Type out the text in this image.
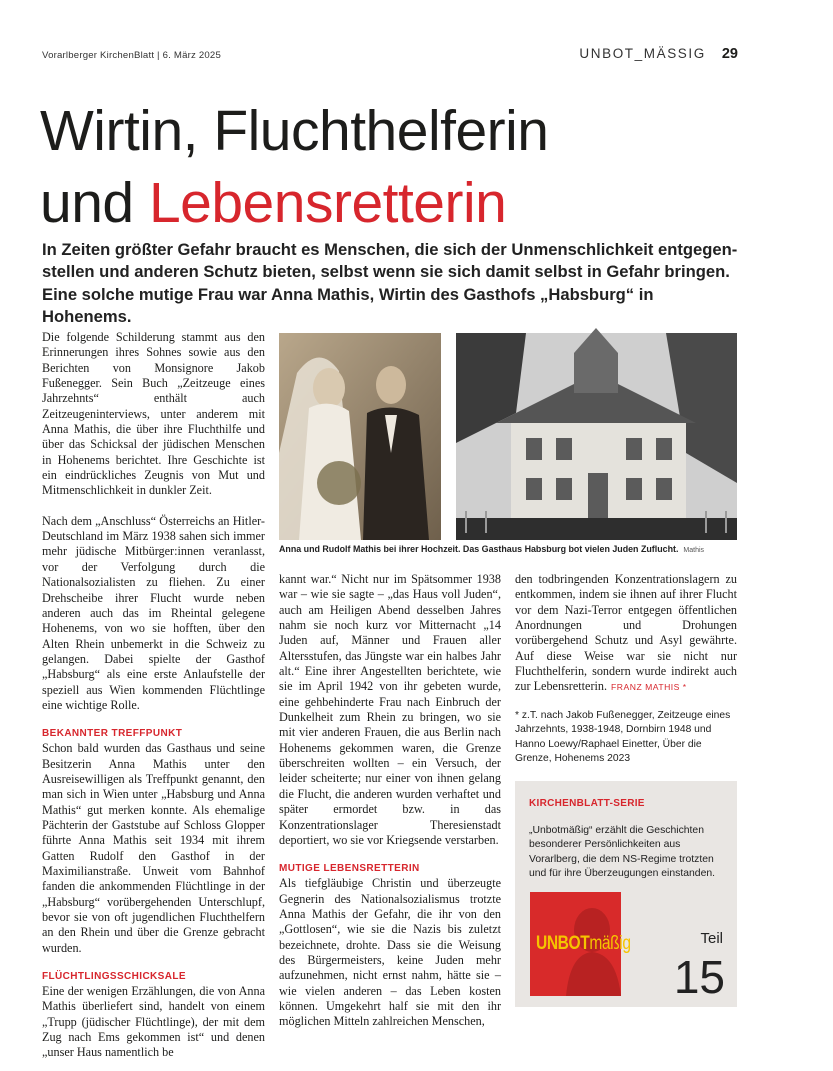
Vorarlberger KirchenBlatt | 6. März 2025	UNBOT_MÄSSIG 29
Wirtin, Fluchthelferin
und Lebensretterin
In Zeiten größter Gefahr braucht es Menschen, die sich der Unmenschlichkeit entgegen-stellen und anderen Schutz bieten, selbst wenn sie sich damit selbst in Gefahr bringen. Eine solche mutige Frau war Anna Mathis, Wirtin des Gasthofs „Habsburg“ in Hohenems.

Die folgende Schilderung stammt aus den Erinnerungen ihres Sohnes sowie aus den Berichten von Monsignore Jakob Fußenegger. Sein Buch „Zeitzeuge eines Jahrzehnts“ enthält auch Zeitzeugeninterviews, unter anderem mit Anna Mathis, die über ihre Fluchthilfe und über das Schicksal der jüdischen Menschen in Hohenems berichtet. Ihre Geschichte ist ein eindrückliches Zeugnis von Mut und Mitmenschlichkeit in dunkler Zeit.

Nach dem „Anschluss“ Österreichs an Hitler-Deutschland im März 1938 sahen sich immer mehr jüdische Mitbürger:innen veranlasst, vor der Verfolgung durch die Nationalsozialisten zu fliehen. Zu einer Drehscheibe ihrer Flucht wurde neben anderen auch das im Rheintal gelegene Hohenems, von wo sie hofften, über den Alten Rhein unbemerkt in die Schweiz zu gelangen. Dabei spielte der Gasthof „Habsburg“ als eine erste Anlaufstelle der speziell aus Wien kommenden Flüchtlinge eine wichtige Rolle.

BEKANNTER TREFFPUNKT

Schon bald wurden das Gasthaus und seine Besitzerin Anna Mathis unter den Ausreisewilligen als Treffpunkt genannt, den man sich in Wien unter „Habsburg und Anna Mathis“ gut merken konnte. Als ehemalige Pächterin der Gaststube auf Schloss Glopper führte Anna Mathis seit 1934 mit ihrem Gatten Rudolf den Gasthof in der Maximilianstraße. Unweit vom Bahnhof fanden die ankommenden Flüchtlinge in der „Habsburg“ vorübergehenden Unterschlupf, bevor sie von oft jugendlichen Fluchthelfern an den Rhein und über die Grenze gebracht wurden.

FLÜCHTLINGSSCHICKSALE

Eine der wenigen Erzählungen, die von Anna Mathis überliefert sind, handelt von einem „Trupp (jüdischer Flüchtlinge), der mit dem Zug nach Ems gekommen ist“ und denen „unser Haus namentlich be

Anna und Rudolf Mathis bei ihrer Hochzeit. Das Gasthaus Habsburg bot vielen Juden Zuflucht. Mathis

kannt war.“ Nicht nur im Spätsommer 1938 war – wie sie sagte – „das Haus voll Juden“, auch am Heiligen Abend desselben Jahres nahm sie noch kurz vor Mitternacht „14 Juden auf, Männer und Frauen aller Altersstufen, das Jüngste war ein halbes Jahr alt.“ Eine ihrer Angestellten berichtete, wie sie im April 1942 von ihr gebeten wurde, eine gehbehinderte Frau nach Einbruch der Dunkelheit zum Rhein zu bringen, wo sie mit vier anderen Frauen, die aus Berlin nach Hohenems gekommen waren, die Grenze überschreiten wollten – ein Versuch, der leider scheiterte; nur einer von ihnen gelang die Flucht, die anderen wurden verhaftet und später ermordet bzw. in das Konzentrationslager Theresienstadt deportiert, wo sie vor Kriegsende verstarben.

MUTIGE LEBENSRETTERIN

Als tiefgläubige Christin und überzeugte Gegnerin des Nationalsozialismus trotzte Anna Mathis der Gefahr, die ihr von den „Gottlosen“, wie sie die Nazis bis zuletzt bezeichnete, drohte. Dass sie die Weisung des Bürgermeisters, keine Juden mehr aufzunehmen, nicht ernst nahm, hätte sie – wie vielen anderen – das Leben kosten können. Umgekehrt half sie mit den ihr möglichen Mitteln zahlreichen Menschen,

den todbringenden Konzentrationslagern zu entkommen, indem sie ihnen auf ihrer Flucht vor dem Nazi-Terror entgegen öffentlichen Anordnungen und Drohungen vorübergehend Schutz und Asyl gewährte. Auf diese Weise war sie nicht nur Fluchthelferin, sondern wurde indirekt auch zur Lebensretterin. FRANZ MATHIS *

* z.T. nach Jakob Fußenegger, Zeitzeuge eines Jahrzehnts, 1938-1948, Dornbirn 1948 und Hanno Loewy/Raphael Einetter, Über die Grenze, Hohenems 2023
KIRCHENBLATT-SERIE
„Unbotmäßig“ erzählt die Geschichten besonderer Persönlichkeiten aus Vorarlberg, die dem NS-Regime trotzten und für ihre Überzeugungen einstanden.
UNBOTmäßig	Teil
15
